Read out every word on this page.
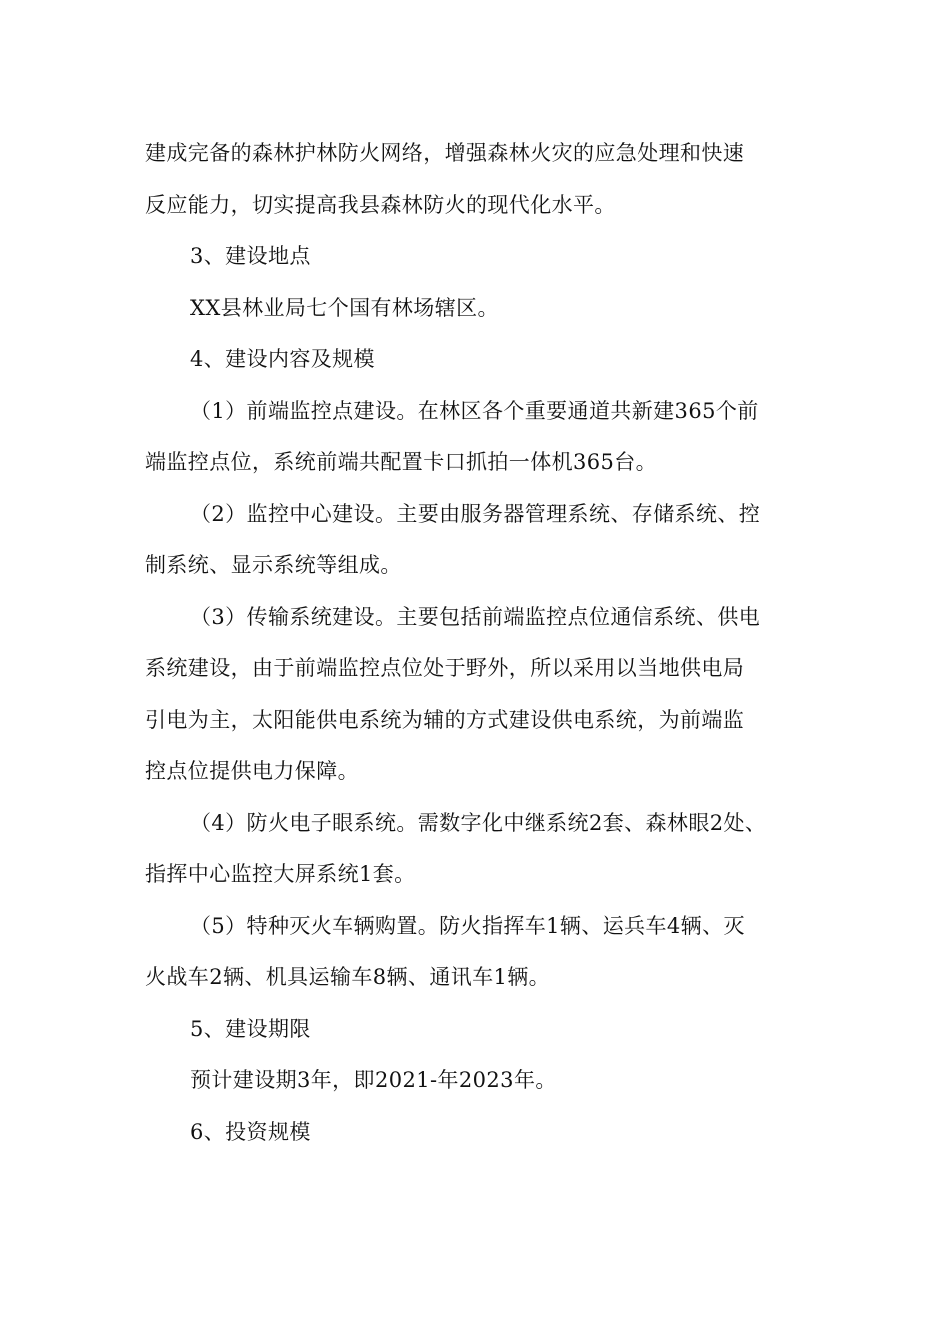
建成完备的森林护林防火网络，增强森林火灾的应急处理和快速
反应能力，切实提高我县森林防火的现代化水平。
3、建设地点
XX县林业局七个国有林场辖区。
4、建设内容及规模
（1）前端监控点建设。在林区各个重要通道共新建365个前
端监控点位，系统前端共配置卡口抓拍一体机365台。
（2）监控中心建设。主要由服务器管理系统、存储系统、控
制系统、显示系统等组成。
（3）传输系统建设。主要包括前端监控点位通信系统、供电
系统建设，由于前端监控点位处于野外，所以采用以当地供电局
引电为主，太阳能供电系统为辅的方式建设供电系统，为前端监
控点位提供电力保障。
（4）防火电子眼系统。需数字化中继系统2套、森林眼2处、
指挥中心监控大屏系统1套。
（5）特种灭火车辆购置。防火指挥车1辆、运兵车4辆、灭
火战车2辆、机具运输车8辆、通讯车1辆。
5、建设期限
预计建设期3年，即2021-年2023年。
6、投资规模
